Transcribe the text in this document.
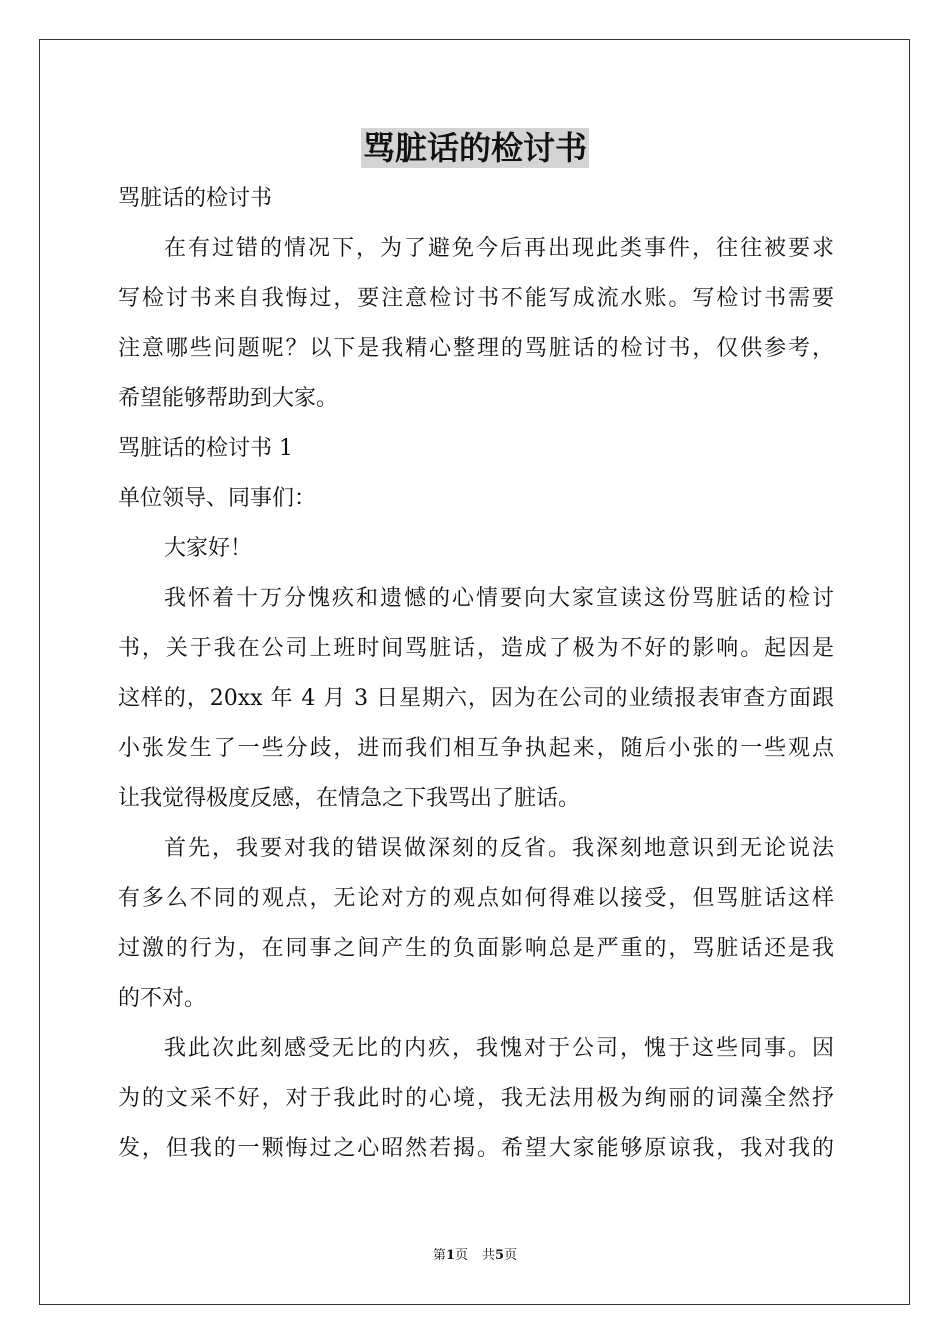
骂脏话的检讨书
骂脏话的检讨书
在有过错的情况下，为了避免今后再出现此类事件，往往被要求
写检讨书来自我悔过，要注意检讨书不能写成流水账。写检讨书需要
注意哪些问题呢？以下是我精心整理的骂脏话的检讨书，仅供参考，
希望能够帮助到大家。
骂脏话的检讨书 1
单位领导、同事们：
大家好！
我怀着十万分愧疚和遗憾的心情要向大家宣读这份骂脏话的检讨
书，关于我在公司上班时间骂脏话，造成了极为不好的影响。起因是
这样的，20xx 年 4 月 3 日星期六，因为在公司的业绩报表审查方面跟
小张发生了一些分歧，进而我们相互争执起来，随后小张的一些观点
让我觉得极度反感，在情急之下我骂出了脏话。
首先，我要对我的错误做深刻的反省。我深刻地意识到无论说法
有多么不同的观点，无论对方的观点如何得难以接受，但骂脏话这样
过激的行为，在同事之间产生的负面影响总是严重的，骂脏话还是我
的不对。
我此次此刻感受无比的内疚，我愧对于公司，愧于这些同事。因
为的文采不好，对于我此时的心境，我无法用极为绚丽的词藻全然抒
发，但我的一颗悔过之心昭然若揭。希望大家能够原谅我，我对我的
第1页 共5页
